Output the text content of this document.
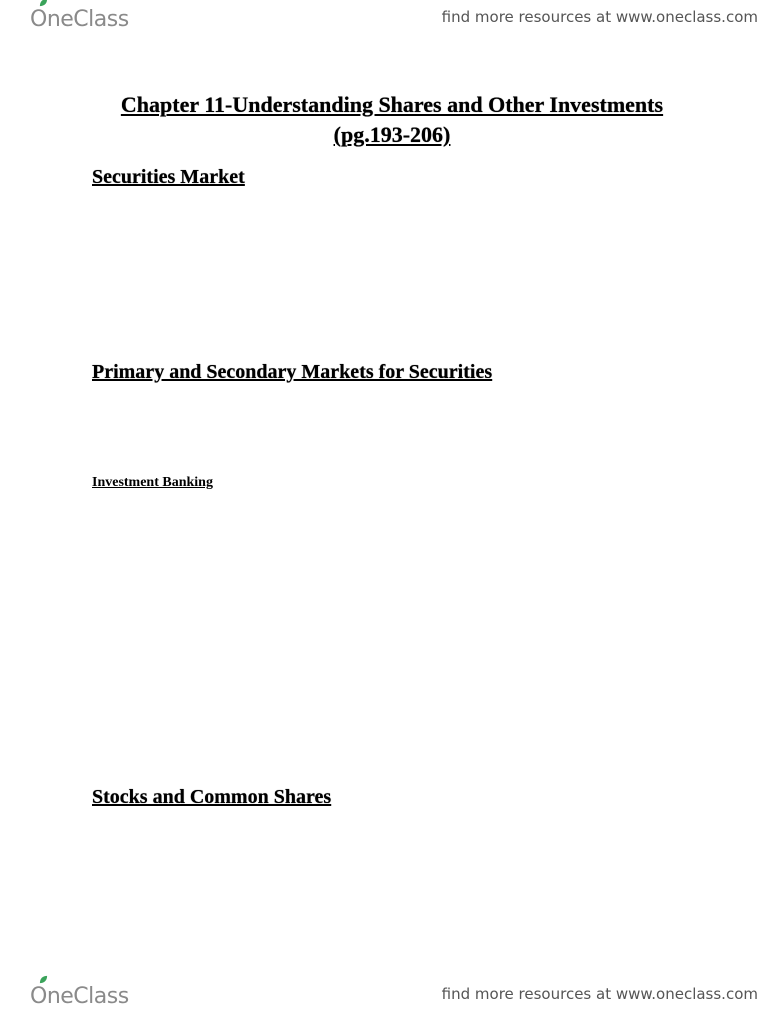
OneClass	find more resources at www.oneclass.com
Chapter 11-Understanding Shares and Other Investments
(pg.193-206)
Securities Market
Primary and Secondary Markets for Securities
Investment Banking
Stocks and Common Shares
OneClass	find more resources at www.oneclass.com
